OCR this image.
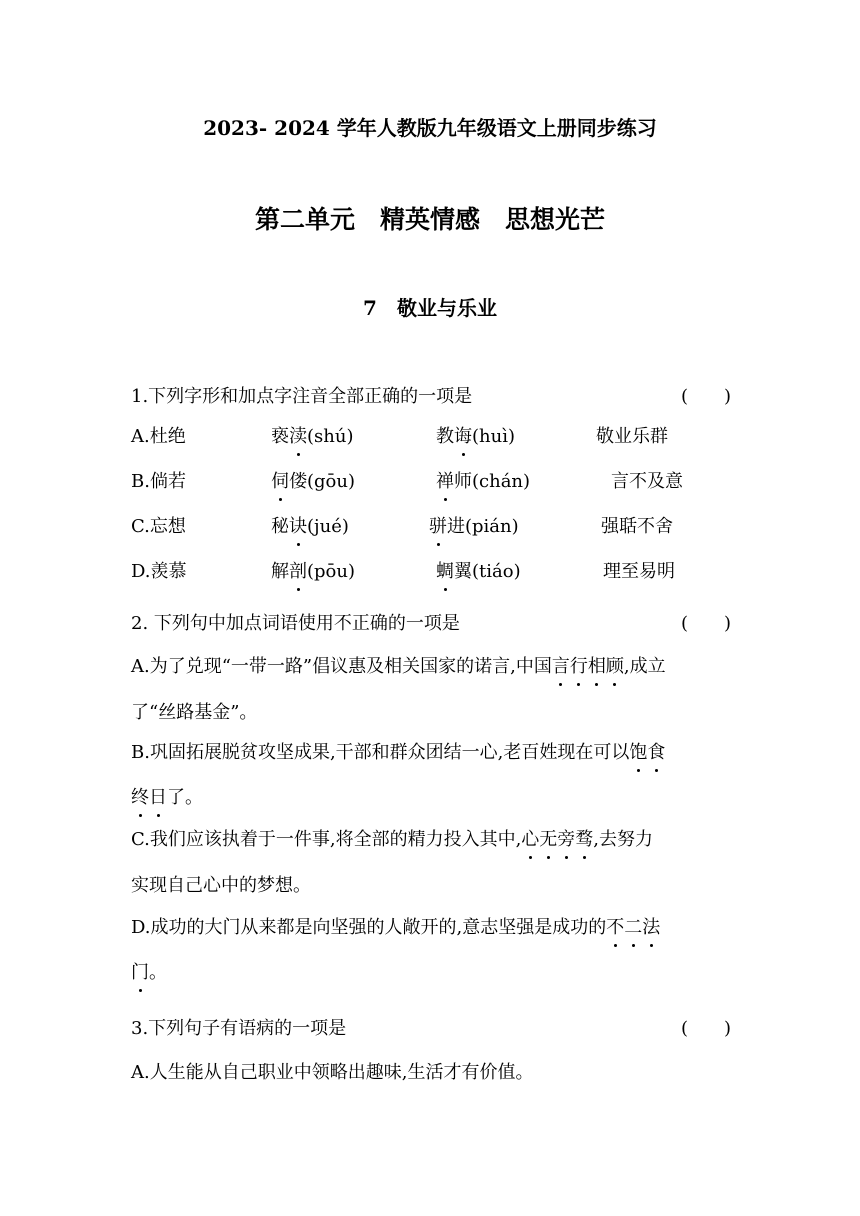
2023- 2024 学年人教版九年级语文上册同步练习
第二单元　精英情感　思想光芒
7　敬业与乐业
1.下列字形和加点字注音全部正确的一项是	(　　)
A.杜绝	亵渎(shú)	教诲(huì)	敬业乐群
B.倘若	伺偻(gōu)	禅师(chán)	言不及意
C.忘想	秘诀(jué)	骈进(pián)	强聒不舍
D.羡慕	解剖(pōu)	蜩翼(tiáo)	理至易明
2. 下列句中加点词语使用不正确的一项是	(　　)
A.为了兑现“一带一路”倡议惠及相关国家的诺言,中国言行相顾,成立
了“丝路基金”。
B.巩固拓展脱贫攻坚成果,干部和群众团结一心,老百姓现在可以饱食
终日了。
C.我们应该执着于一件事,将全部的精力投入其中,心无旁骛,去努力
实现自己心中的梦想。
D.成功的大门从来都是向坚强的人敞开的,意志坚强是成功的不二法
门。
3.下列句子有语病的一项是	(　　)
A.人生能从自己职业中领略出趣味,生活才有价值。
